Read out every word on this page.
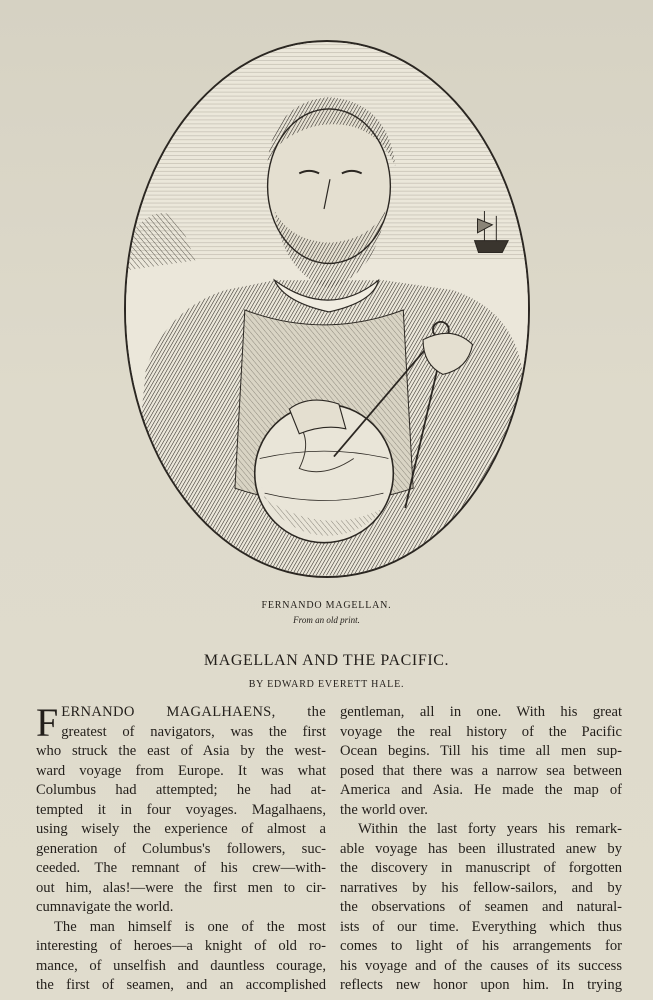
FERNANDO MAGELLAN.
From an old print.
MAGELLAN AND THE PACIFIC.
BY EDWARD EVERETT HALE.
F ERNANDO MAGALHAENS, the
greatest of navigators, was the first
who struck the east of Asia by the west-
ward voyage from Europe. It was what
Columbus had attempted; he had at-
tempted it in four voyages. Magalhaens,
using wisely the experience of almost a
generation of Columbus's followers, suc-
ceeded. The remnant of his crew—with-
out him, alas!—were the first men to cir-
cumnavigate the world.
The man himself is one of the most
interesting of heroes—a knight of old ro-
mance, of unselfish and dauntless courage,
the first of seamen, and an accomplished
gentleman, all in one. With his great
voyage the real history of the Pacific
Ocean begins. Till his time all men sup-
posed that there was a narrow sea between
America and Asia. He made the map of
the world over.
Within the last forty years his remark-
able voyage has been illustrated anew by
the discovery in manuscript of forgotten
narratives by his fellow-sailors, and by
the observations of seamen and natural-
ists of our time. Everything which thus
comes to light of his arrangements for
his voyage and of the causes of its success
reflects new honor upon him. In trying
